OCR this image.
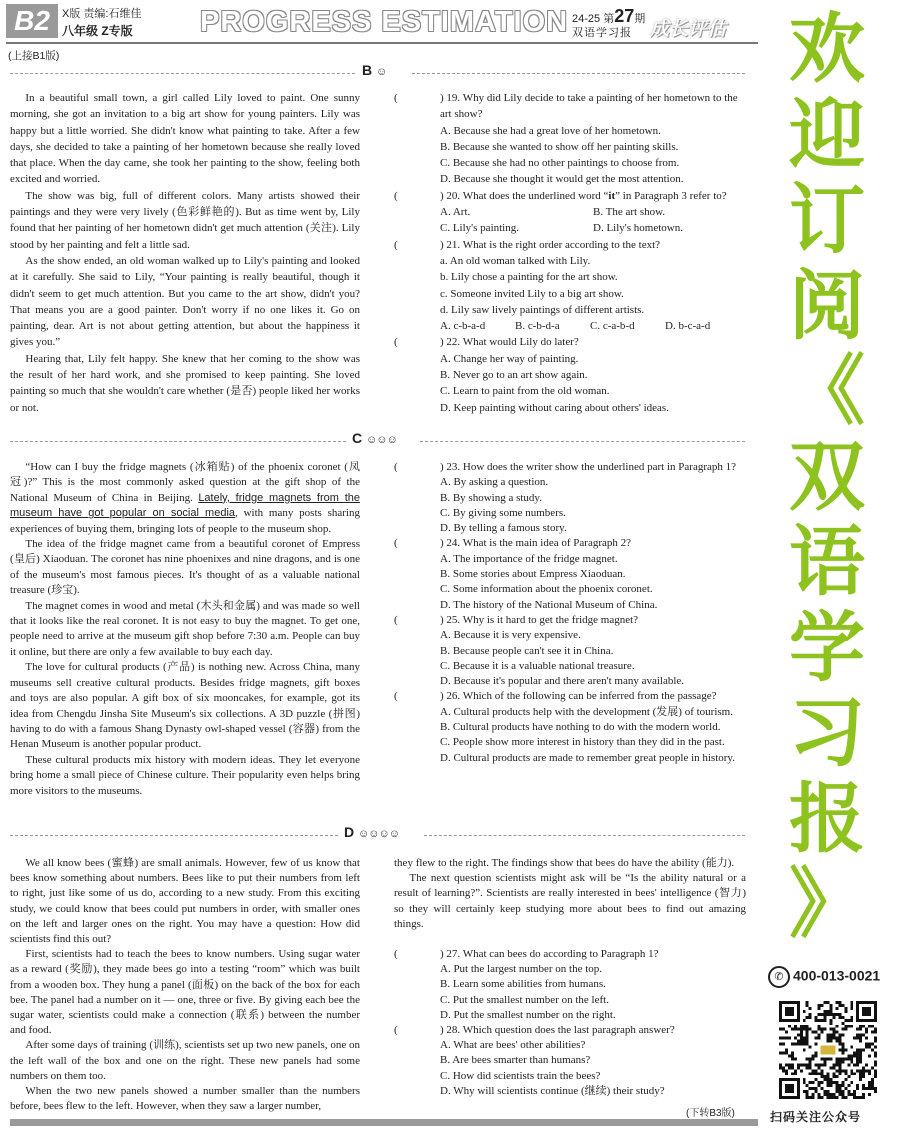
B2	X版 责编:石维佳
八年级 Z专版 PROGRESS ESTIMATION 24-25 第27期
双语学习报 成长评估
(上接B1版)
B ☺

In a beautiful small town, a girl called Lily loved to paint. One sunny morning, she got an invitation to a big art show for young painters. Lily was happy but a little worried. She didn't know what painting to take. After a few days, she decided to take a painting of her hometown because she really loved that place. When the day came, she took her painting to the show, feeling both excited and worried.

The show was big, full of different colors. Many artists showed their paintings and they were very lively (色彩鲜艳的). But as time went by, Lily found that her painting of her hometown didn't get much attention (关注). Lily stood by her painting and felt a little sad.

As the show ended, an old woman walked up to Lily's painting and looked at it carefully. She said to Lily, “Your painting is really beautiful, though it didn't seem to get much attention. But you came to the art show, didn't you? That means you are a good painter. Don't worry if no one likes it. Go on painting, dear. Art is not about getting attention, but about the happiness it gives you.”

Hearing that, Lily felt happy. She knew that her coming to the show was the result of her hard work, and she promised to keep painting. She loved painting so much that she wouldn't care whether (是否) people liked her works or not.

(	) 19. Why did Lily decide to take a painting of her hometown to the art show?
A. Because she had a great love of her hometown.
B. Because she wanted to show off her painting skills.
C. Because she had no other paintings to choose from.
D. Because she thought it would get the most attention.
(	) 20. What does the underlined word “it” in Paragraph 3 refer to?
A. Art.	B. The art show.
C. Lily's painting.	D. Lily's hometown.
(	) 21. What is the right order according to the text?
a. An old woman talked with Lily.
b. Lily chose a painting for the art show.
c. Someone invited Lily to a big art show.
d. Lily saw lively paintings of different artists.
A. c-b-a-d	B. c-b-d-a	C. c-a-b-d	D. b-c-a-d
(	) 22. What would Lily do later?
A. Change her way of painting.
B. Never go to an art show again.
C. Learn to paint from the old woman.
D. Keep painting without caring about others' ideas.
C ☺☺☺

“How can I buy the fridge magnets (冰箱贴) of the phoenix coronet (凤冠)?” This is the most commonly asked question at the gift shop of the National Museum of China in Beijing. Lately, fridge magnets from the museum have got popular on social media, with many posts sharing experiences of buying them, bringing lots of people to the museum shop.

The idea of the fridge magnet came from a beautiful coronet of Empress (皇后) Xiaoduan. The coronet has nine phoenixes and nine dragons, and is one of the museum's most famous pieces. It's thought of as a valuable national treasure (珍宝).

The magnet comes in wood and metal (木头和金属) and was made so well that it looks like the real coronet. It is not easy to buy the magnet. To get one, people need to arrive at the museum gift shop before 7:30 a.m. People can buy it online, but there are only a few available to buy each day.

The love for cultural products (产品) is nothing new. Across China, many museums sell creative cultural products. Besides fridge magnets, gift boxes and toys are also popular. A gift box of six mooncakes, for example, got its idea from Chengdu Jinsha Site Museum's six collections. A 3D puzzle (拼图) having to do with a famous Shang Dynasty owl-shaped vessel (容器) from the Henan Museum is another popular product.

These cultural products mix history with modern ideas. They let everyone bring home a small piece of Chinese culture. Their popularity even helps bring more visitors to the museums.

(	) 23. How does the writer show the underlined part in Paragraph 1?
A. By asking a question.
B. By showing a study.
C. By giving some numbers.
D. By telling a famous story.
(	) 24. What is the main idea of Paragraph 2?
A. The importance of the fridge magnet.
B. Some stories about Empress Xiaoduan.
C. Some information about the phoenix coronet.
D. The history of the National Museum of China.
(	) 25. Why is it hard to get the fridge magnet?
A. Because it is very expensive.
B. Because people can't see it in China.
C. Because it is a valuable national treasure.
D. Because it's popular and there aren't many available.
(	) 26. Which of the following can be inferred from the passage?
A. Cultural products help with the development (发展) of tourism.
B. Cultural products have nothing to do with the modern world.
C. People show more interest in history than they did in the past.
D. Cultural products are made to remember great people in history.
D ☺☺☺☺

We all know bees (蜜蜂) are small animals. However, few of us know that bees know something about numbers. Bees like to put their numbers from left to right, just like some of us do, according to a new study. From this exciting study, we could know that bees could put numbers in order, with smaller ones on the left and larger ones on the right. You may have a question: How did scientists find this out?

First, scientists had to teach the bees to know numbers. Using sugar water as a reward (奖励), they made bees go into a testing “room” which was built from a wooden box. They hung a panel (面板) on the back of the box for each bee. The panel had a number on it — one, three or five. By giving each bee the sugar water, scientists could make a connection (联系) between the number and food.

After some days of training (训练), scientists set up two new panels, one on the left wall of the box and one on the right. These new panels had some numbers on them too.

When the two new panels showed a number smaller than the numbers before, bees flew to the left. However, when they saw a larger number,

they flew to the right. The findings show that bees do have the ability (能力).

The next question scientists might ask will be “Is the ability natural or a result of learning?”. Scientists are really interested in bees' intelligence (智力) so they will certainly keep studying more about bees to find out amazing things.

(	) 27. What can bees do according to Paragraph 1?
A. Put the largest number on the top.
B. Learn some abilities from humans.
C. Put the smallest number on the left.
D. Put the smallest number on the right.
(	) 28. Which question does the last paragraph answer?
A. What are bees' other abilities?
B. Are bees smarter than humans?
C. How did scientists train the bees?
D. Why will scientists continue (继续) their study?
(下转B3版)
欢
迎
订
阅
《
双
语
学
习
报
》
✆ 400-013-0021
扫码关注公众号
